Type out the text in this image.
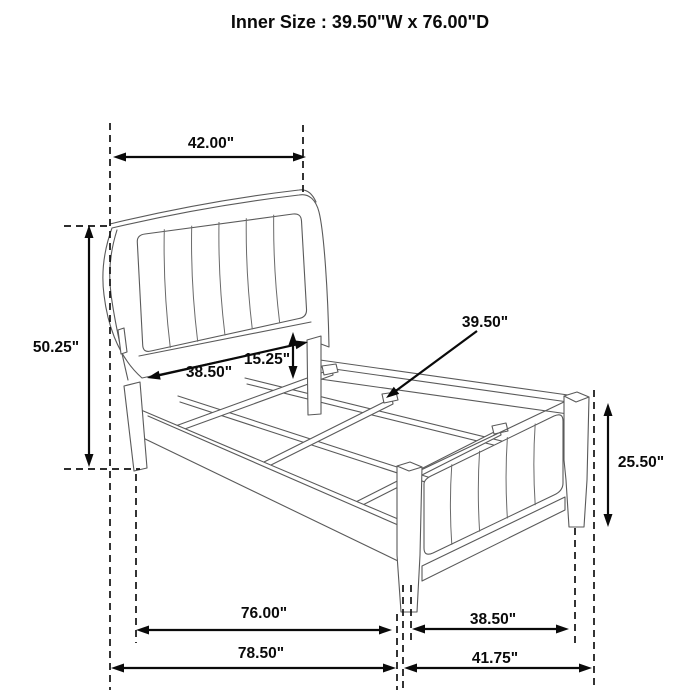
42.00"
50.25"
38.50"
15.25"
39.50"
25.50"
76.00"	38.50"
78.50"	41.75"
Inner Size : 39.50"W x 76.00"D
